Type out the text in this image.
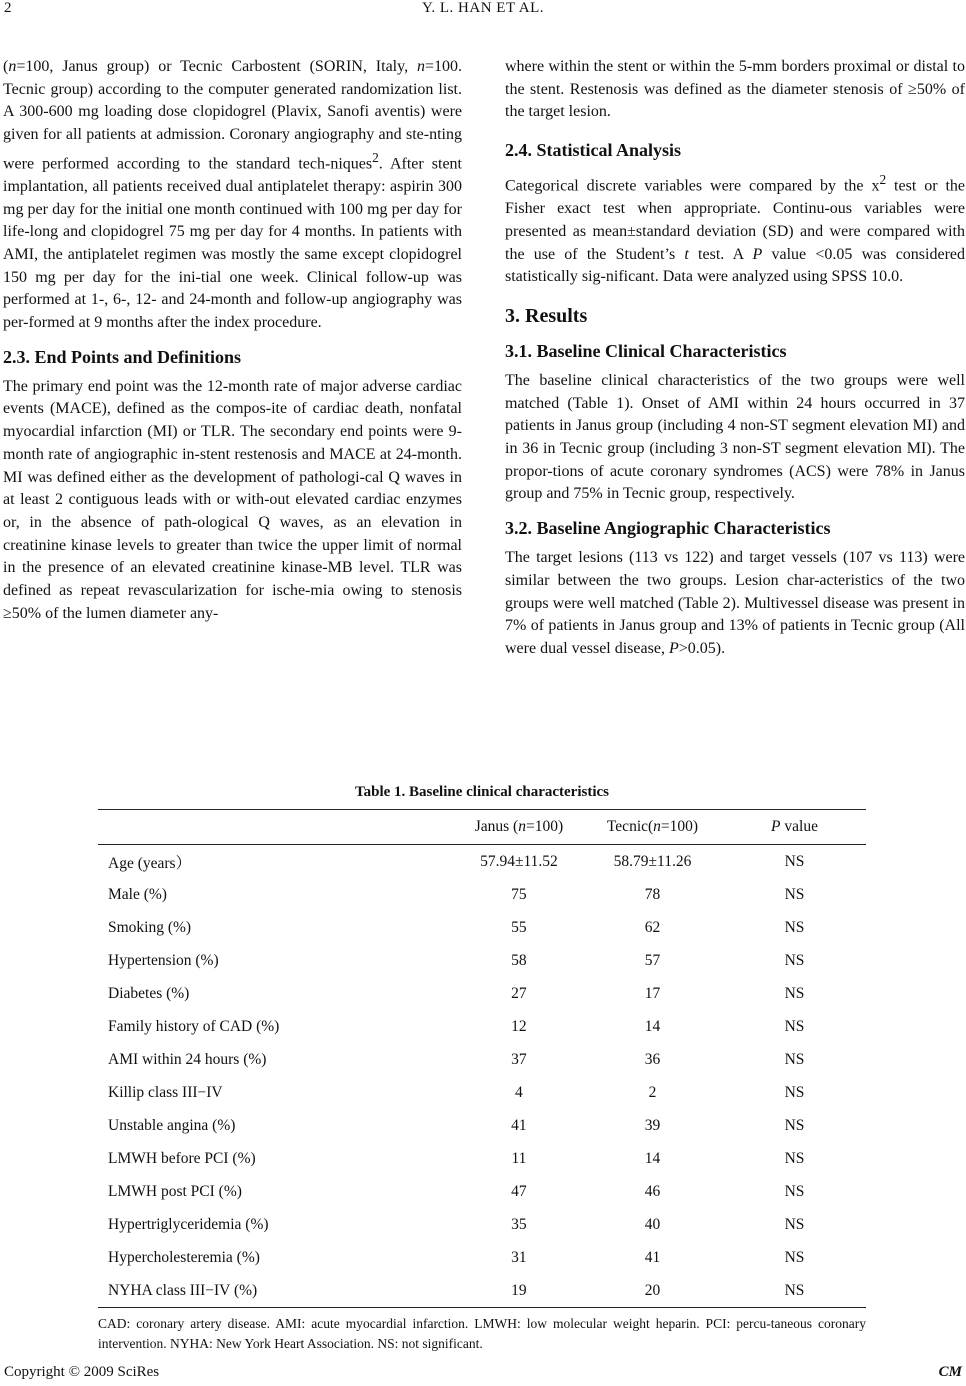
2	Y. L. HAN ET AL.

(n=100, Janus group) or Tecnic Carbostent (SORIN, Italy, n=100. Tecnic group) according to the computer generated randomization list. A 300-600 mg loading dose clopidogrel (Plavix, Sanofi aventis) were given for all patients at admission. Coronary angiography and ste-nting were performed according to the standard tech-niques$^2$. After stent implantation, all patients received dual antiplatelet therapy: aspirin 300 mg per day for the initial one month continued with 100 mg per day for life-long and clopidogrel 75 mg per day for 4 months. In patients with AMI, the antiplatelet regimen was mostly the same except clopidogrel 150 mg per day for the ini-tial one week. Clinical follow-up was performed at 1-, 6-, 12- and 24-month and follow-up angiography was per-formed at 9 months after the index procedure.

2.3. End Points and Definitions

The primary end point was the 12-month rate of major adverse cardiac events (MACE), defined as the compos-ite of cardiac death, nonfatal myocardial infarction (MI) or TLR. The secondary end points were 9-month rate of angiographic in-stent restenosis and MACE at 24-month. MI was defined either as the development of pathologi-cal Q waves in at least 2 contiguous leads with or with-out elevated cardiac enzymes or, in the absence of path-ological Q waves, as an elevation in creatinine kinase levels to greater than twice the upper limit of normal in the presence of an elevated creatinine kinase-MB level. TLR was defined as repeat revascularization for ische-mia owing to stenosis ≥50% of the lumen diameter any-

where within the stent or within the 5-mm borders proximal or distal to the stent. Restenosis was defined as the diameter stenosis of ≥50% of the target lesion.

2.4. Statistical Analysis

Categorical discrete variables were compared by the $x^2$ test or the Fisher exact test when appropriate. Continu-ous variables were presented as mean±standard deviation (SD) and were compared with the use of the Student’s t test. A P value <0.05 was considered statistically sig-nificant. Data were analyzed using SPSS 10.0.

3. Results
3.1. Baseline Clinical Characteristics

The baseline clinical characteristics of the two groups were well matched (Table 1). Onset of AMI within 24 hours occurred in 37 patients in Janus group (including 4 non-ST segment elevation MI) and in 36 in Tecnic group (including 3 non-ST segment elevation MI). The propor-tions of acute coronary syndromes (ACS) were 78% in Janus group and 75% in Tecnic group, respectively.

3.2. Baseline Angiographic Characteristics

The target lesions (113 vs 122) and target vessels (107 vs 113) were similar between the two groups. Lesion char-acteristics of the two groups were well matched (Table 2). Multivessel disease was present in 7% of patients in Janus group and 13% of patients in Tecnic group (All were dual vessel disease, P>0.05).

Table 1. Baseline clinical characteristics
	Janus (n=100)	Tecnic(n=100)	P value
Age (years）	57.94±11.52	58.79±11.26	NS
Male (%)	75	78	NS
Smoking (%)	55	62	NS
Hypertension (%)	58	57	NS
Diabetes (%)	27	17	NS
Family history of CAD (%)	12	14	NS
AMI within 24 hours (%)	37	36	NS
Killip class III−IV	4	2	NS
Unstable angina (%)	41	39	NS
LMWH before PCI (%)	11	14	NS
LMWH post PCI (%)	47	46	NS
Hypertriglyceridemia (%)	35	40	NS
Hypercholesteremia (%)	31	41	NS
NYHA class III−IV (%)	19	20	NS
CAD: coronary artery disease. AMI: acute myocardial infarction. LMWH: low molecular weight heparin. PCI: percu-taneous coronary intervention. NYHA: New York Heart Association. NS: not significant.
Copyright © 2009 SciRes	CM
